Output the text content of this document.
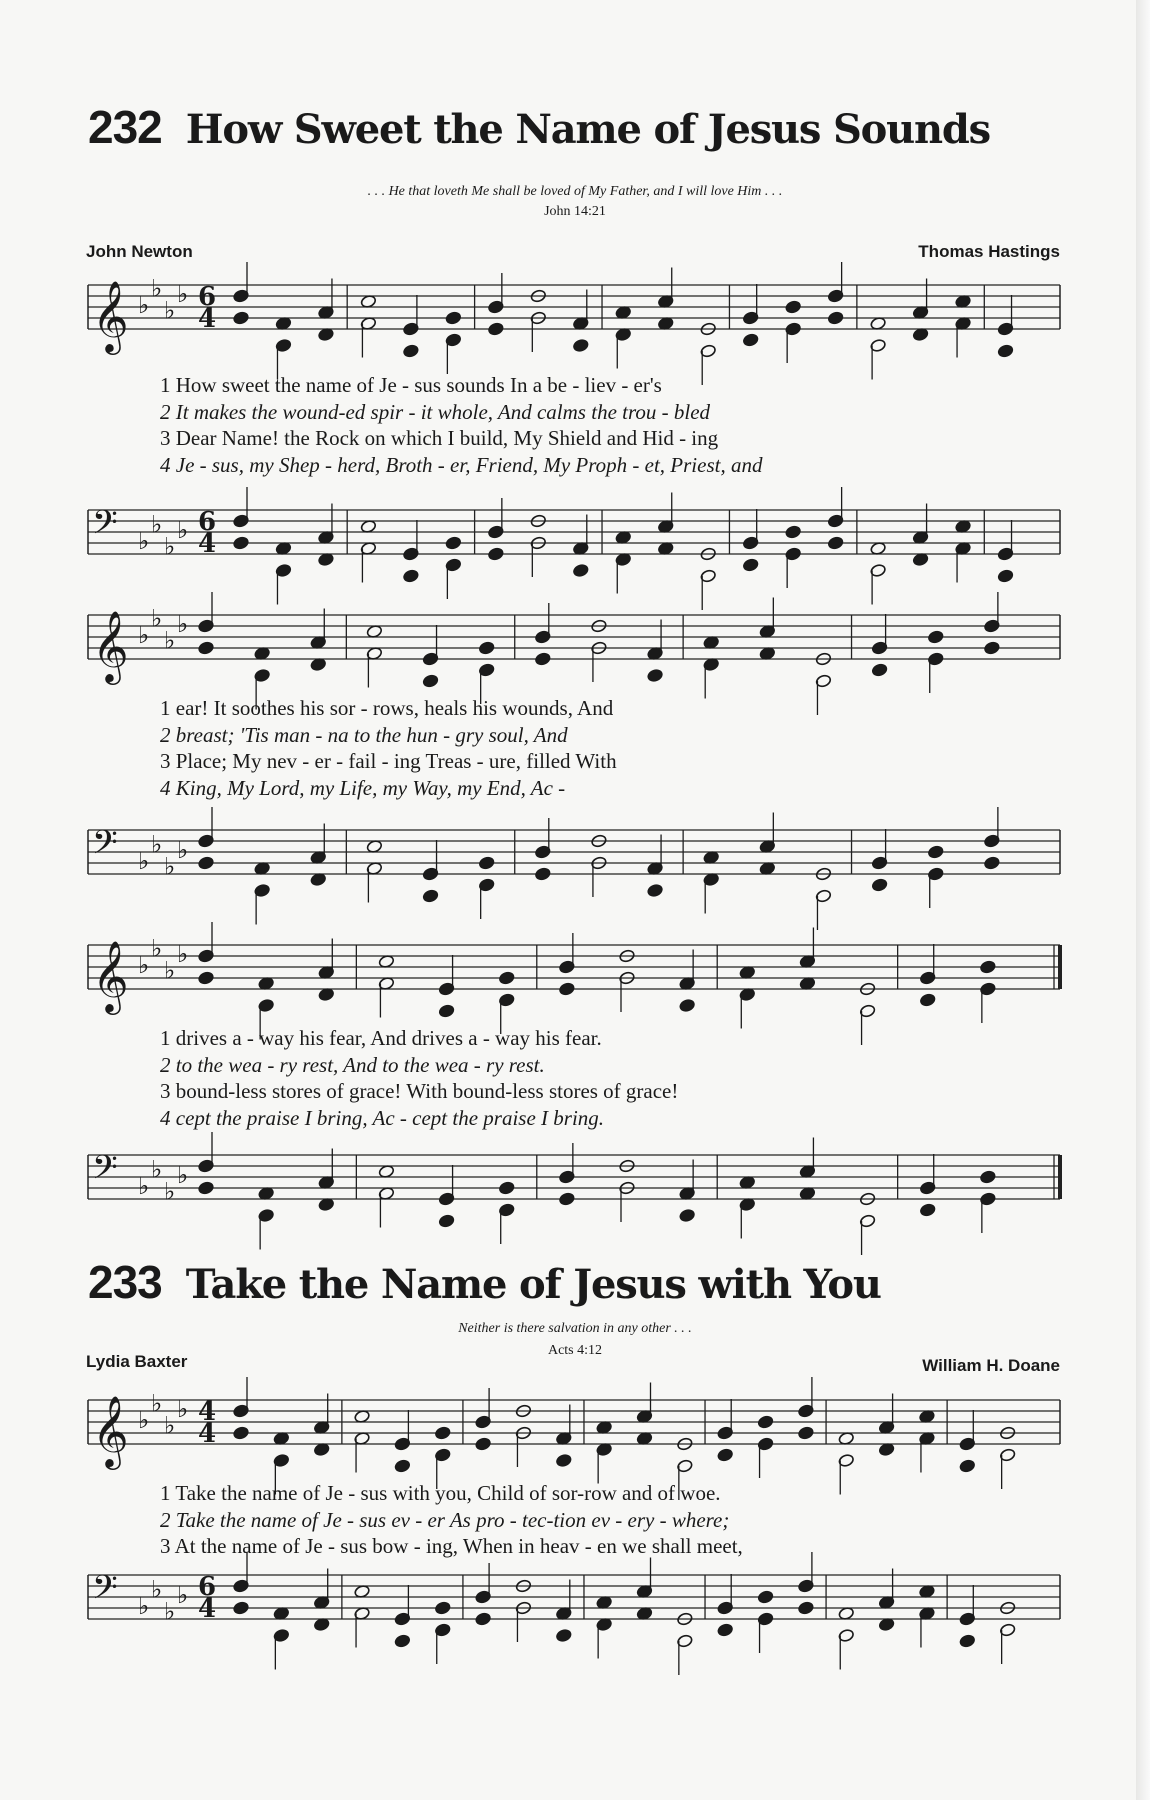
232 How Sweet the Name of Jesus Sounds
. . . He that loveth Me shall be loved of My Father, and I will love Him . . .
John 14:21
John Newton	Thomas Hastings
𝄞 ♭
♭
♭
♭ 6
4
1 How sweet the name of Je - sus sounds In a be - liev - er's
2 It makes the wound-ed spir - it whole, And calms the trou - bled
3 Dear Name! the Rock on which I build, My Shield and Hid - ing
4 Je - sus, my Shep - herd, Broth - er, Friend, My Proph - et, Priest, and
𝄢 ♭
♭
♭
♭ 6
4
𝄞 ♭
♭
♭
♭
1 ear! It soothes his sor - rows, heals his wounds, And
2 breast; 'Tis man - na to the hun - gry soul, And
3 Place; My nev - er - fail - ing Treas - ure, filled With
4 King, My Lord, my Life, my Way, my End, Ac -
𝄢 ♭
♭
♭
♭
𝄞 ♭
♭
♭
♭
1 drives a - way his fear, And drives a - way his fear.
2 to the wea - ry rest, And to the wea - ry rest.
3 bound-less stores of grace! With bound-less stores of grace!
4 cept the praise I bring, Ac - cept the praise I bring.
𝄢 ♭
♭
♭
♭
233 Take the Name of Jesus with You
Neither is there salvation in any other . . .
Acts 4:12
Lydia Baxter	William H. Doane
𝄞 ♭
♭
♭
♭ 4
4
1 Take the name of Je - sus with you, Child of sor-row and of woe.
2 Take the name of Je - sus ev - er As pro - tec-tion ev - ery - where;
3 At the name of Je - sus bow - ing, When in heav - en we shall meet,
𝄢 ♭
♭
♭
♭ 6
4
